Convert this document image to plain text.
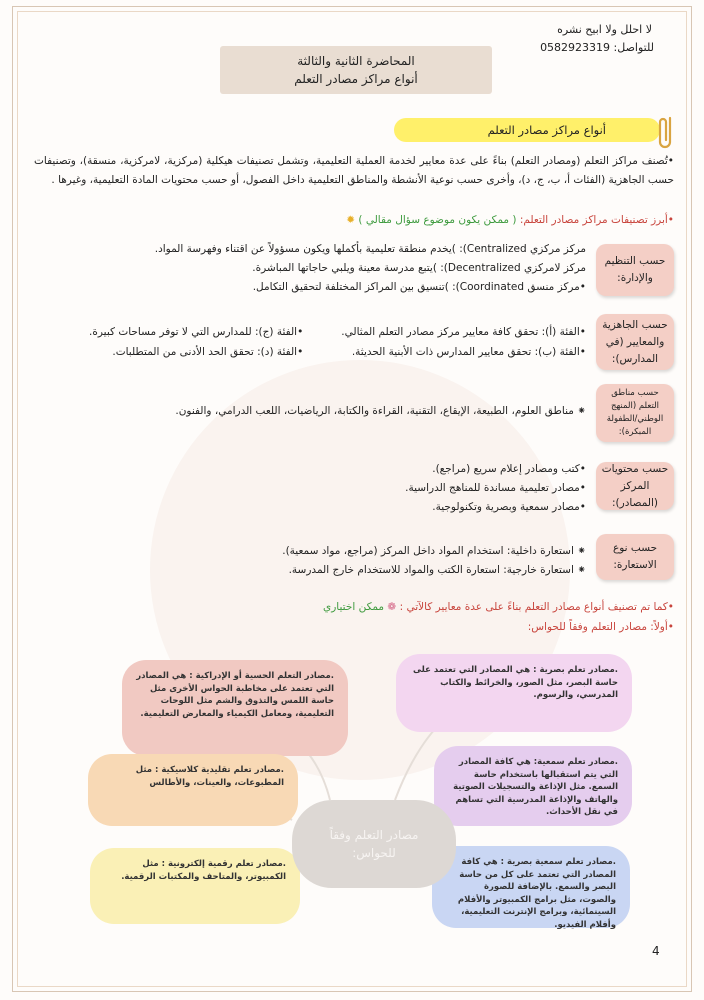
لا احلل ولا ابيح نشره
للتواصل: 0582923319
المحاضرة الثانية والثالثة
أنواع مراكز مصادر التعلم
أنواع مراكز مصادر التعلم
•تُصنف مراكز التعلم (ومصادر التعلم) بناءً على عدة معايير لخدمة العملية التعليمية، وتشمل تصنيفات هيكلية (مركزية، لامركزية، منسقة)، وتصنيفات حسب الجاهزية (الفئات أ، ب، ج، د)، وأخرى حسب نوعية الأنشطة والمناطق التعليمية داخل الفصول، أو حسب محتويات المادة التعليمية، وغيرها .
•أبرز تصنيفات مراكز مصادر التعلم: ( ممكن يكون موضوع سؤال مقالي ) ✹
حسب التنظيم والإدارة:
مركز مركزي Centralized): )يخدم منطقة تعليمية بأكملها ويكون مسؤولاً عن اقتناء وفهرسة المواد.
مركز لامركزي Decentralized): )يتبع مدرسة معينة ويلبي حاجاتها المباشرة.
•مركز منسق Coordinated): )تنسيق بين المراكز المختلفة لتحقيق التكامل.
حسب الجاهزية والمعايير (في المدارس):
•الفئة (أ): تحقق كافة معايير مركز مصادر التعلم المثالي.
•الفئة (ب): تحقق معايير المدارس ذات الأبنية الحديثة.
•الفئة (ج): للمدارس التي لا توفر مساحات كبيرة.
•الفئة (د): تحقق الحد الأدنى من المتطلبات.
حسب مناطق التعلم (المنهج الوطني/الطفولة المبكرة):
⁕ مناطق العلوم، الطبيعة، الإيقاع، التقنية، القراءة والكتابة، الرياضيات، اللعب الدرامي، والفنون.
حسب محتويات المركز (المصادر):
•كتب ومصادر إعلام سريع (مراجع).
•مصادر تعليمية مساندة للمناهج الدراسية.
•مصادر سمعية وبصرية وتكنولوجية.
حسب نوع الاستعارة:
⁕ استعارة داخلية: استخدام المواد داخل المركز (مراجع، مواد سمعية).
⁕ استعارة خارجية: استعارة الكتب والمواد للاستخدام خارج المدرسة.
•كما تم تصنيف أنواع مصادر التعلم بناءً على عدة معايير كالآتي : ❁ ممكن اختياري
•أولاً: مصادر التعلم وفقاً للحواس:
.مصادر تعلم بصرية : هي المصادر التي تعتمد على حاسة البصر، مثل الصور، والخرائط والكتاب المدرسي، والرسوم.
.مصادر التعلم الحسية أو الإدراكية : هي المصادر التي تعتمد على مخاطبة الحواس الأخرى مثل حاسة اللمس والتذوق والشم مثل اللوحات التعليمية، ومعامل الكيمياء والمعارض التعليمية.
.مصادر تعلم سمعية: هي كافة المصادر التي يتم استقبالها باستخدام حاسة السمع. مثل الإذاعة والتسجيلات الصوتية والهاتف والإذاعة المدرسية التي تساهم في نقل الأحداث.
.مصادر تعلم تقليدية كلاسيكية : مثل المطبوعات، والعينات، والأطالس
.مصادر تعلم سمعية بصرية : هي كافة المصادر التي تعتمد على كل من حاسة البصر والسمع. بالإضافة للصورة والصوت، مثل برامج الكمبيوتر والأفلام السينمائية، وبرامج الإنترنت التعليمية، وأفلام الفيديو.
.مصادر تعلم رقمية إلكترونية : مثل الكمبيوتر، والمتاحف والمكتبات الرقمية.
مصادر التعلم وفقاً للحواس:
4
